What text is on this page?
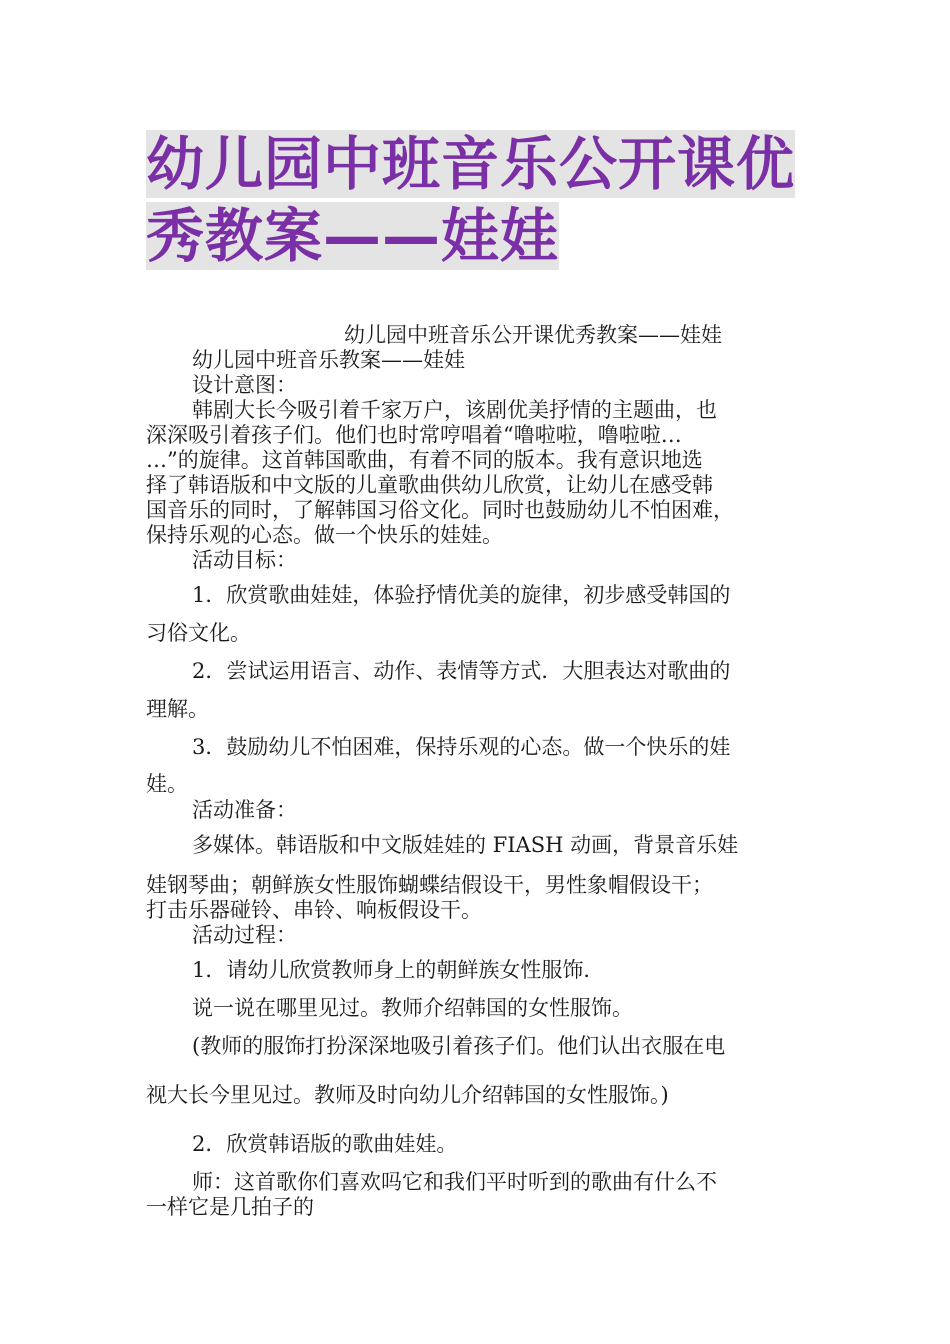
幼儿园中班音乐公开课优
秀教案——娃娃
幼儿园中班音乐公开课优秀教案——娃娃
幼儿园中班音乐教案——娃娃
设计意图：
韩剧大长今吸引着千家万户，该剧优美抒情的主题曲，也
深深吸引着孩子们。他们也时常哼唱着“噜啦啦，噜啦啦…
…”的旋律。这首韩国歌曲，有着不同的版本。我有意识地选
择了韩语版和中文版的儿童歌曲供幼儿欣赏，让幼儿在感受韩
国音乐的同时，了解韩国习俗文化。同时也鼓励幼儿不怕困难，
保持乐观的心态。做一个快乐的娃娃。
活动目标：
1．欣赏歌曲娃娃，体验抒情优美的旋律，初步感受韩国的
习俗文化。
2．尝试运用语言、动作、表情等方式．大胆表达对歌曲的
理解。
3．鼓励幼儿不怕困难，保持乐观的心态。做一个快乐的娃
娃。
活动准备：
多媒体。韩语版和中文版娃娃的 FIASH 动画，背景音乐娃
娃钢琴曲；朝鲜族女性服饰蝴蝶结假设干，男性象帽假设干；
打击乐器碰铃、串铃、响板假设干。
活动过程：
1．请幼儿欣赏教师身上的朝鲜族女性服饰．
说一说在哪里见过。教师介绍韩国的女性服饰。
(教师的服饰打扮深深地吸引着孩子们。他们认出衣服在电
视大长今里见过。教师及时向幼儿介绍韩国的女性服饰。)
2．欣赏韩语版的歌曲娃娃。
师：这首歌你们喜欢吗它和我们平时听到的歌曲有什么不
一样它是几拍子的
